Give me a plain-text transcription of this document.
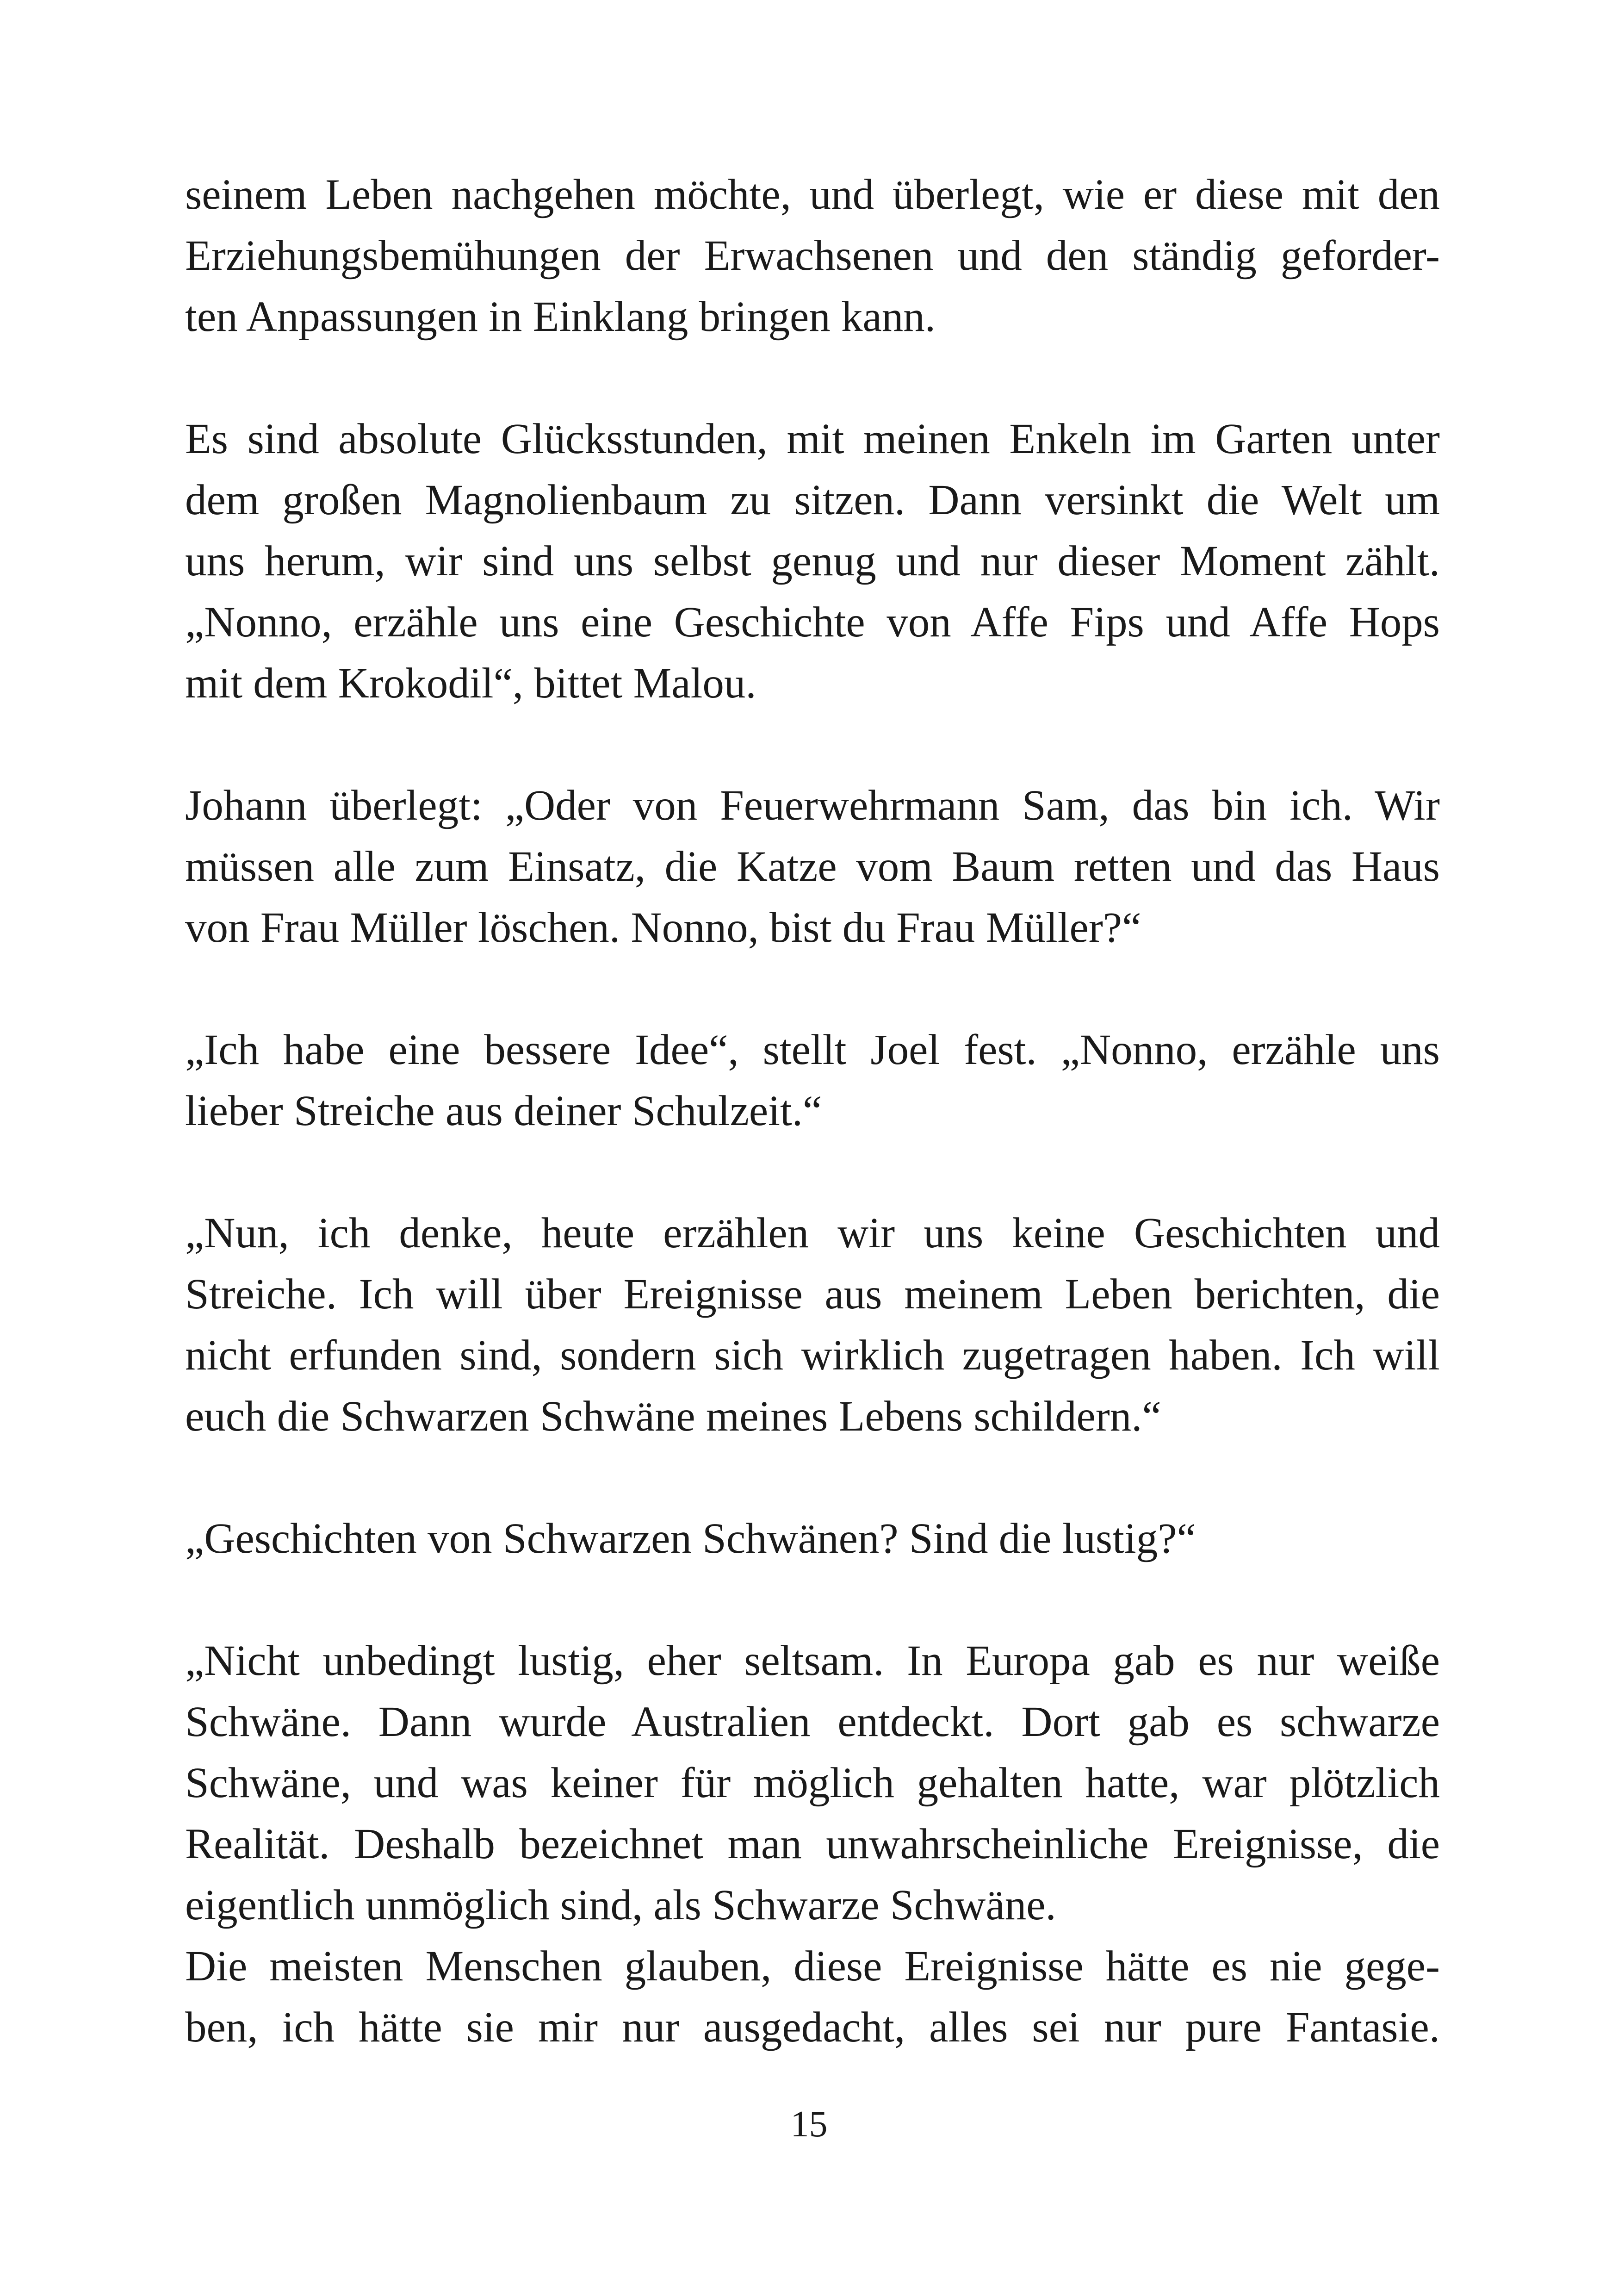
seinem Leben nachgehen möchte, und überlegt, wie er diese mit den
Erziehungsbemühungen der Erwachsenen und den ständig geforder-
ten Anpassungen in Einklang bringen kann.

Es sind absolute Glücksstunden, mit meinen Enkeln im Garten unter
dem großen Magnolienbaum zu sitzen. Dann versinkt die Welt um
uns herum, wir sind uns selbst genug und nur dieser Moment zählt.
„Nonno, erzähle uns eine Geschichte von Affe Fips und Affe Hops
mit dem Krokodil“, bittet Malou.

Johann überlegt: „Oder von Feuerwehrmann Sam, das bin ich. Wir
müssen alle zum Einsatz, die Katze vom Baum retten und das Haus
von Frau Müller löschen. Nonno, bist du Frau Müller?“

„Ich habe eine bessere Idee“, stellt Joel fest. „Nonno, erzähle uns
lieber Streiche aus deiner Schulzeit.“

„Nun, ich denke, heute erzählen wir uns keine Geschichten und
Streiche. Ich will über Ereignisse aus meinem Leben berichten, die
nicht erfunden sind, sondern sich wirklich zugetragen haben. Ich will
euch die Schwarzen Schwäne meines Lebens schildern.“

„Geschichten von Schwarzen Schwänen? Sind die lustig?“

„Nicht unbedingt lustig, eher seltsam. In Europa gab es nur weiße
Schwäne. Dann wurde Australien entdeckt. Dort gab es schwarze
Schwäne, und was keiner für möglich gehalten hatte, war plötzlich
Realität. Deshalb bezeichnet man unwahrscheinliche Ereignisse, die
eigentlich unmöglich sind, als Schwarze Schwäne.

Die meisten Menschen glauben, diese Ereignisse hätte es nie gege-
ben, ich hätte sie mir nur ausgedacht, alles sei nur pure Fantasie.

15
